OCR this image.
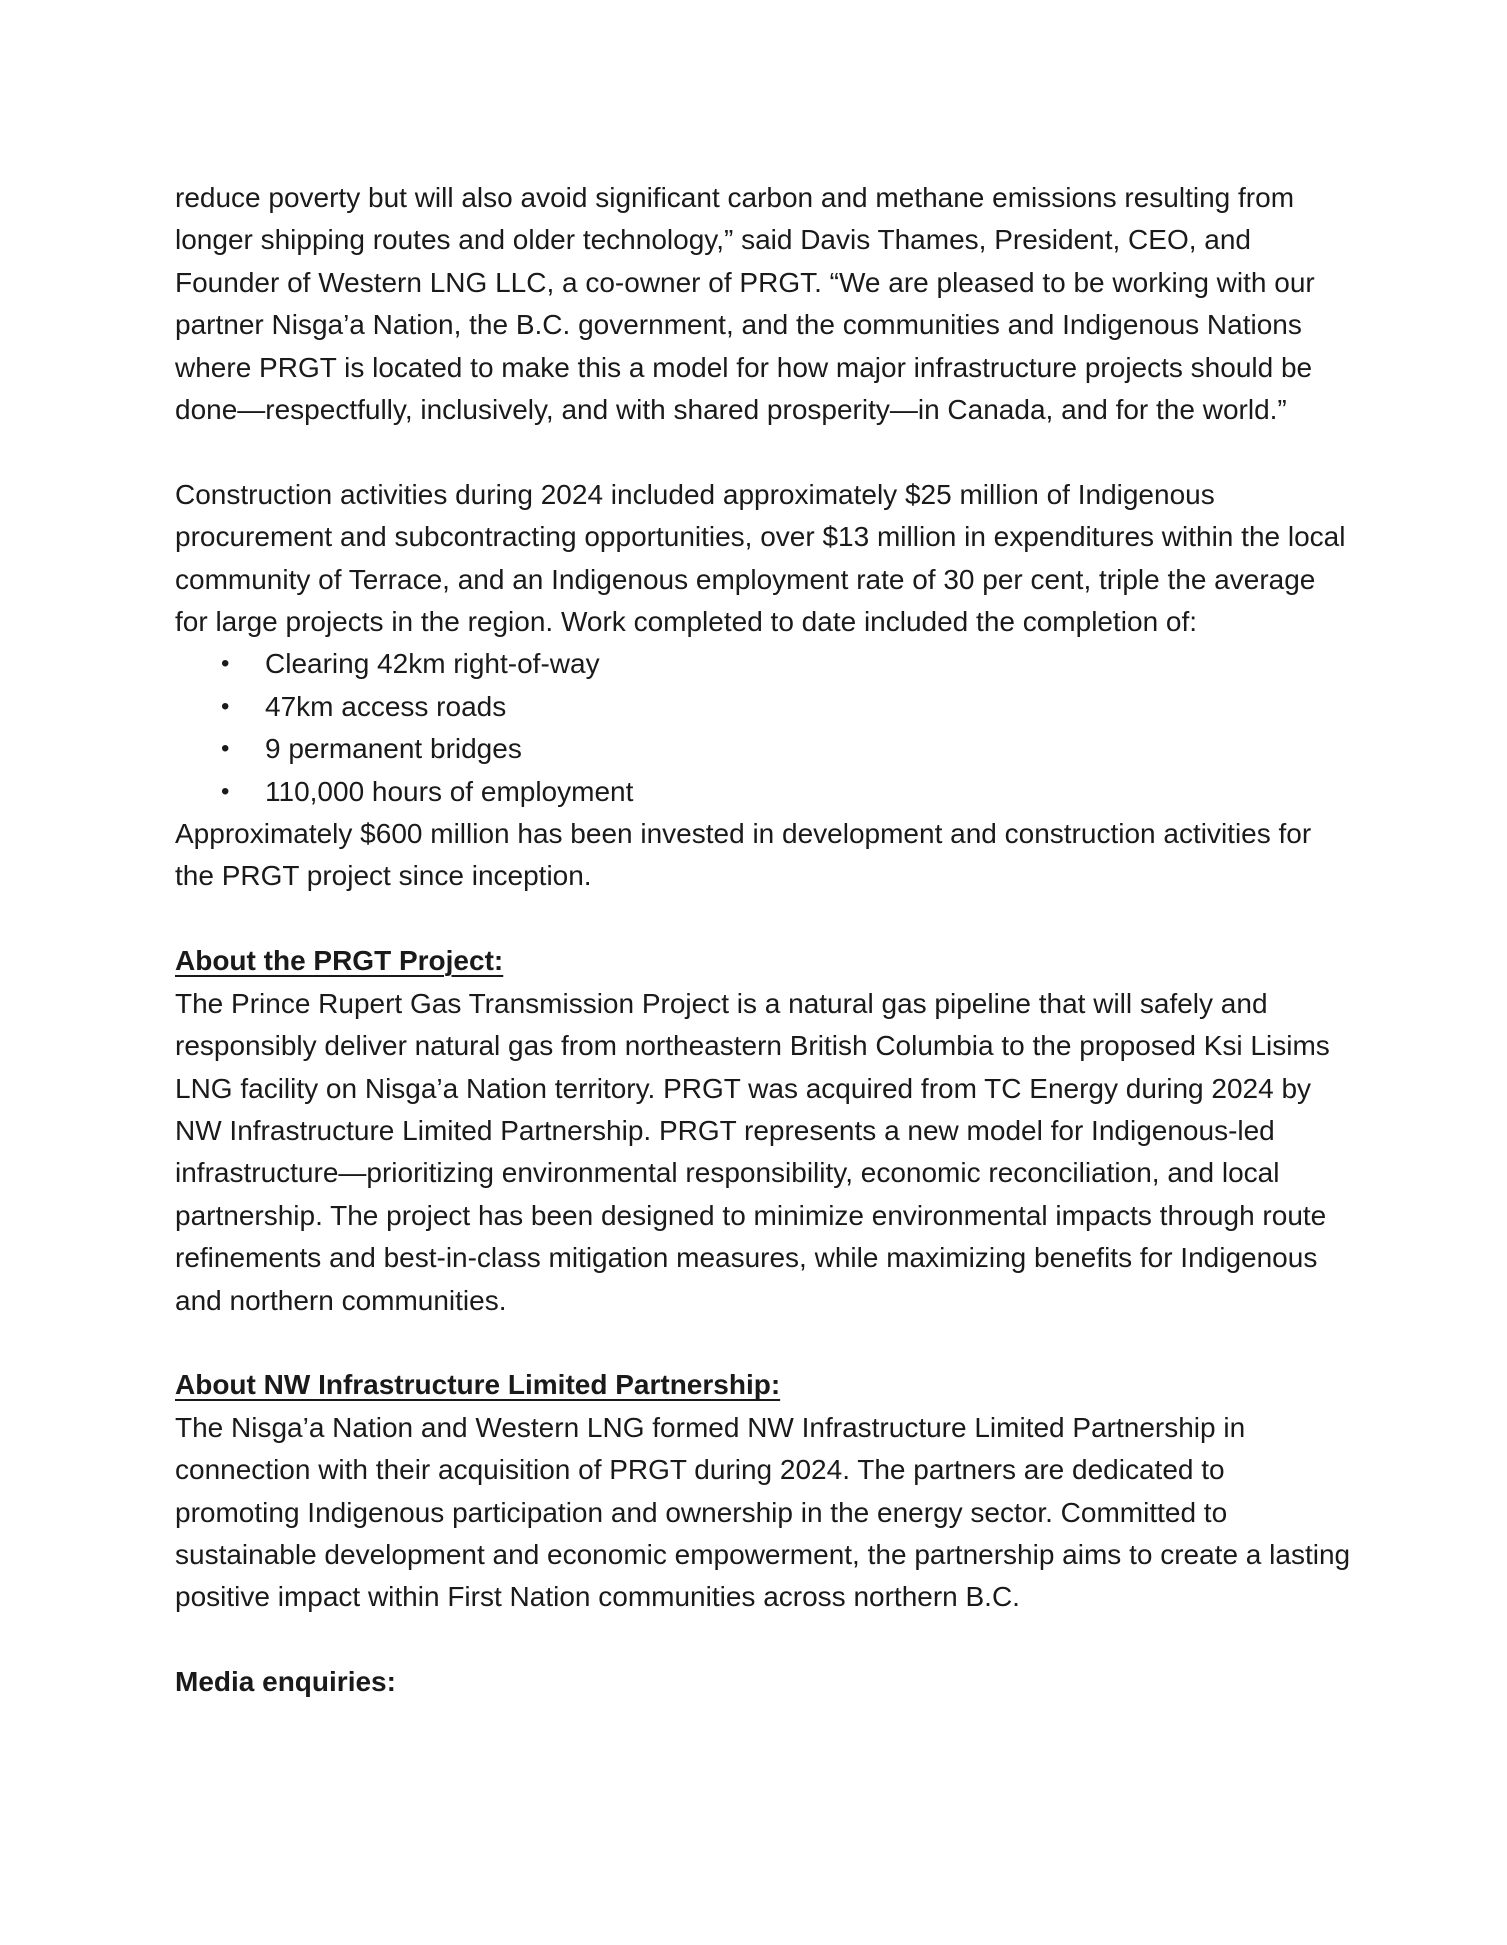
reduce poverty but will also avoid significant carbon and methane emissions resulting from longer shipping routes and older technology,” said Davis Thames, President, CEO, and Founder of Western LNG LLC, a co-owner of PRGT. “We are pleased to be working with our partner Nisga’a Nation, the B.C. government, and the communities and Indigenous Nations where PRGT is located to make this a model for how major infrastructure projects should be done—respectfully, inclusively, and with shared prosperity—in Canada, and for the world.”

Construction activities during 2024 included approximately $25 million of Indigenous procurement and subcontracting opportunities, over $13 million in expenditures within the local community of Terrace, and an Indigenous employment rate of 30 per cent, triple the average for large projects in the region. Work completed to date included the completion of:

• Clearing 42km right-of-way
• 47km access roads
• 9 permanent bridges
• 110,000 hours of employment

Approximately $600 million has been invested in development and construction activities for the PRGT project since inception.

About the PRGT Project:

The Prince Rupert Gas Transmission Project is a natural gas pipeline that will safely and responsibly deliver natural gas from northeastern British Columbia to the proposed Ksi Lisims LNG facility on Nisga’a Nation territory. PRGT was acquired from TC Energy during 2024 by NW Infrastructure Limited Partnership. PRGT represents a new model for Indigenous-led infrastructure—prioritizing environmental responsibility, economic reconciliation, and local partnership. The project has been designed to minimize environmental impacts through route refinements and best-in-class mitigation measures, while maximizing benefits for Indigenous and northern communities.

About NW Infrastructure Limited Partnership:

The Nisga’a Nation and Western LNG formed NW Infrastructure Limited Partnership in connection with their acquisition of PRGT during 2024. The partners are dedicated to promoting Indigenous participation and ownership in the energy sector. Committed to sustainable development and economic empowerment, the partnership aims to create a lasting positive impact within First Nation communities across northern B.C.

Media enquiries:
